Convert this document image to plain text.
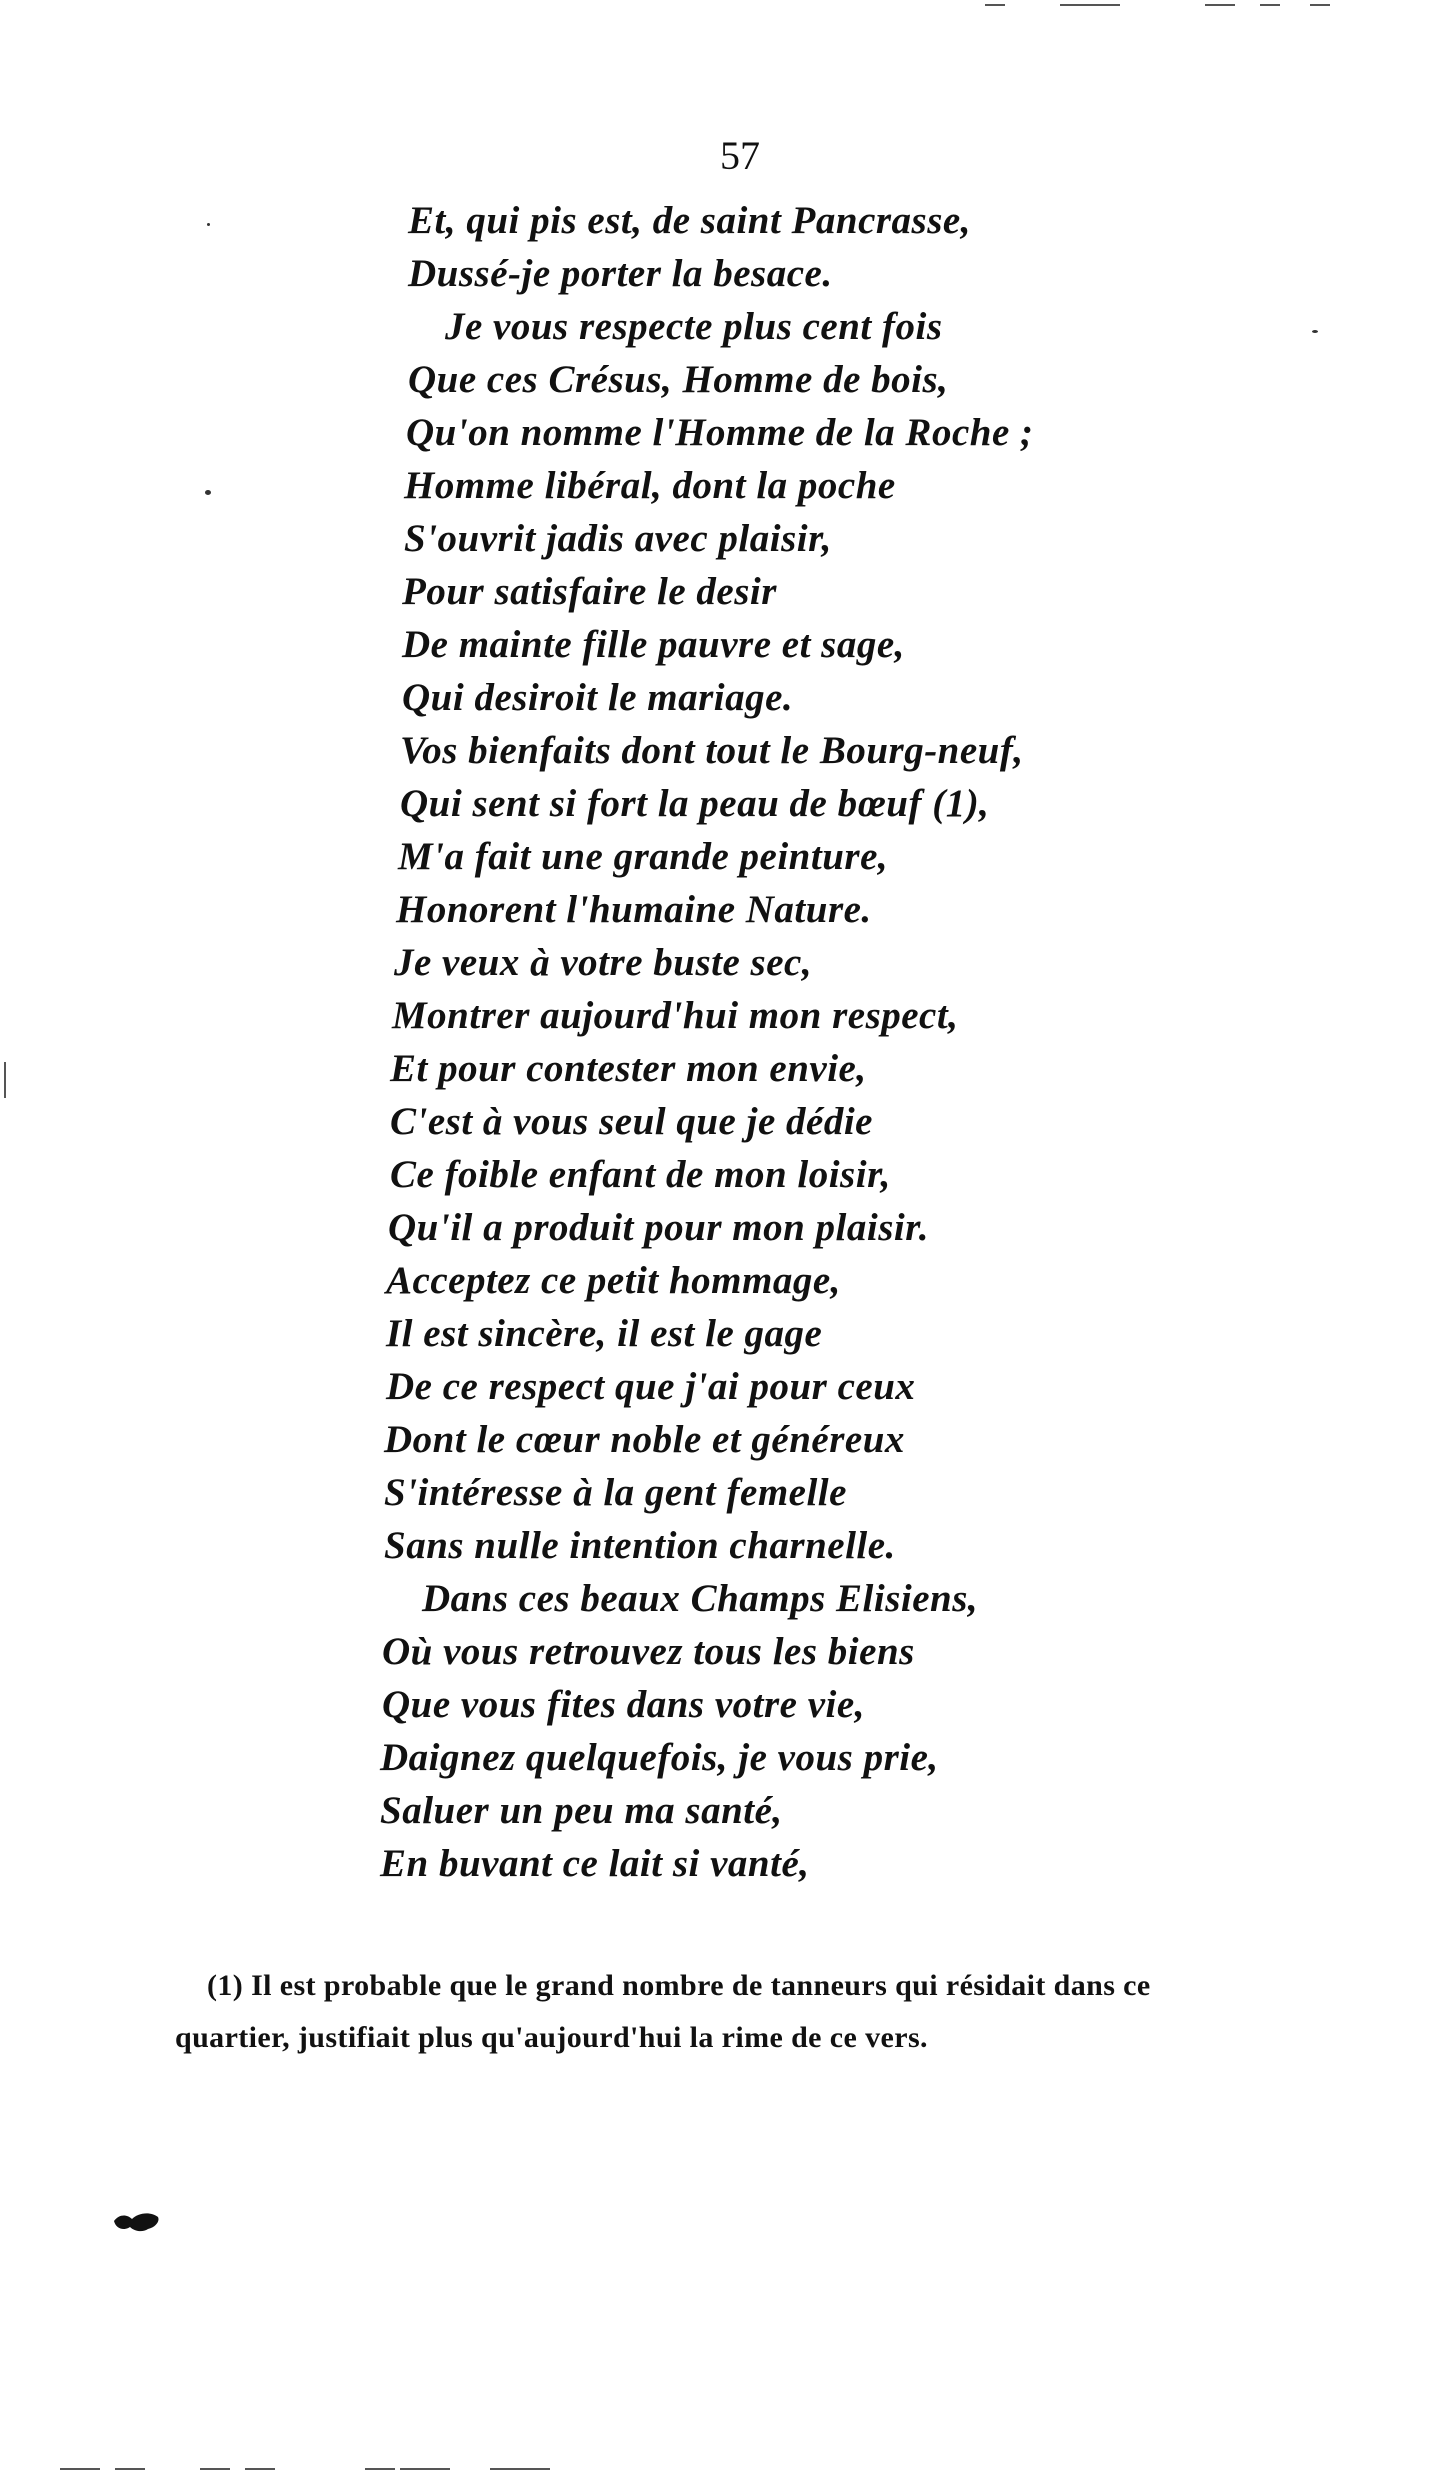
57
Et, qui pis est, de saint Pancrasse,
Dussé-je porter la besace.
Je vous respecte plus cent fois
Que ces Crésus, Homme de bois,
Qu'on nomme l'Homme de la Roche ;
Homme libéral, dont la poche
S'ouvrit jadis avec plaisir,
Pour satisfaire le desir
De mainte fille pauvre et sage,
Qui desiroit le mariage.
Vos bienfaits dont tout le Bourg-neuf,
Qui sent si fort la peau de bœuf (1),
M'a fait une grande peinture,
Honorent l'humaine Nature.
Je veux à votre buste sec,
Montrer aujourd'hui mon respect,
Et pour contester mon envie,
C'est à vous seul que je dédie
Ce foible enfant de mon loisir,
Qu'il a produit pour mon plaisir.
Acceptez ce petit hommage,
Il est sincère, il est le gage
De ce respect que j'ai pour ceux
Dont le cœur noble et généreux
S'intéresse à la gent femelle
Sans nulle intention charnelle.
Dans ces beaux Champs Elisiens,
Où vous retrouvez tous les biens
Que vous fites dans votre vie,
Daignez quelquefois, je vous prie,
Saluer un peu ma santé,
En buvant ce lait si vanté,

(1) Il est probable que le grand nombre de tanneurs qui résidait dans ce

quartier, justifiait plus qu'aujourd'hui la rime de ce vers.
